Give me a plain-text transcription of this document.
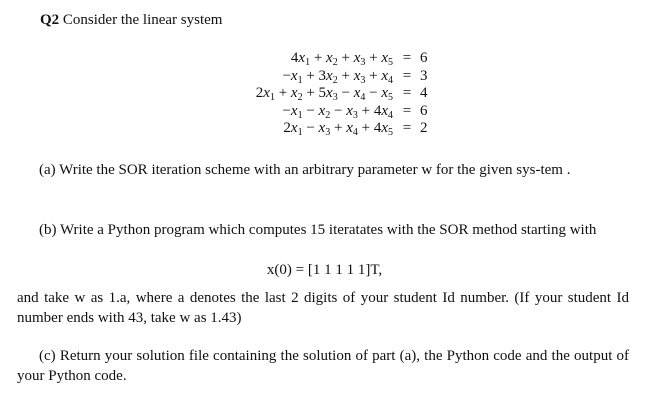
Q2 Consider the linear system
$4x_1 + x_2 + x_3 + x_5 = 6$
$-x_1 + 3x_2 + x_3 + x_4 = 3$
$2x_1 + x_2 + 5x_3 - x_4 - x_5 = 4$
$-x_1 - x_2 - x_3 + 4x_4 = 6$
$2x_1 - x_3 + x_4 + 4x_5 = 2$
(a) Write the SOR iteration scheme with an arbitrary parameter w for the given sys-tem .
(b) Write a Python program which computes 15 iteratates with the SOR method starting with
x(0) = [1 1 1 1 1]T,
and take w as 1.a, where a denotes the last 2 digits of your student Id number. (If your student Id number ends with 43, take w as 1.43)
(c) Return your solution file containing the solution of part (a), the Python code and the output of your Python code.
